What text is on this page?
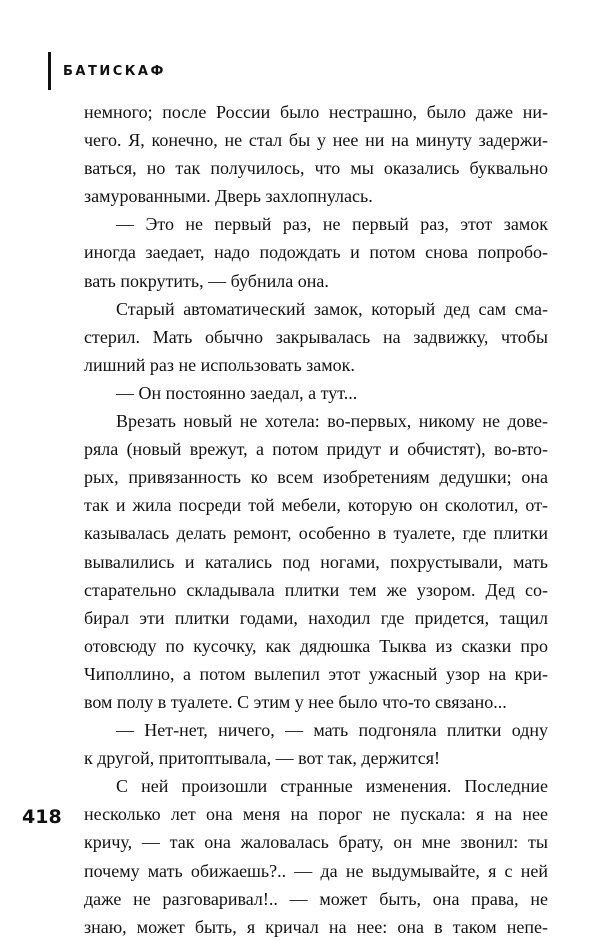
БАТИСКАФ
немного; после России было нестрашно, было даже ни-
чего. Я, конечно, не стал бы у нее ни на минуту задержи-
ваться, но так получилось, что мы оказались буквально
замурованными. Дверь захлопнулась.
— Это не первый раз, не первый раз, этот замок
иногда заедает, надо подождать и потом снова попробо-
вать покрутить, — бубнила она.
Старый автоматический замок, который дед сам сма-
стерил. Мать обычно закрывалась на задвижку, чтобы
лишний раз не использовать замок.
— Он постоянно заедал, а тут...
Врезать новый не хотела: во-первых, никому не дове-
ряла (новый врежут, а потом придут и обчистят), во-вто-
рых, привязанность ко всем изобретениям дедушки; она
так и жила посреди той мебели, которую он сколотил, от-
казывалась делать ремонт, особенно в туалете, где плитки
вывалились и катались под ногами, похрустывали, мать
старательно складывала плитки тем же узором. Дед со-
бирал эти плитки годами, находил где придется, тащил
отовсюду по кусочку, как дядюшка Тыква из сказки про
Чиполлино, а потом вылепил этот ужасный узор на кри-
вом полу в туалете. С этим у нее было что-то связано...
— Нет-нет, ничего, — мать подгоняла плитки одну
к другой, притоптывала, — вот так, держится!
С ней произошли странные изменения. Последние
несколько лет она меня на порог не пускала: я на нее
кричу, — так она жаловалась брату, он мне звонил: ты
почему мать обижаешь?.. — да не выдумывайте, я с ней
даже не разговаривал!.. — может быть, она права, не
знаю, может быть, я кричал на нее: она в таком непе-
418
